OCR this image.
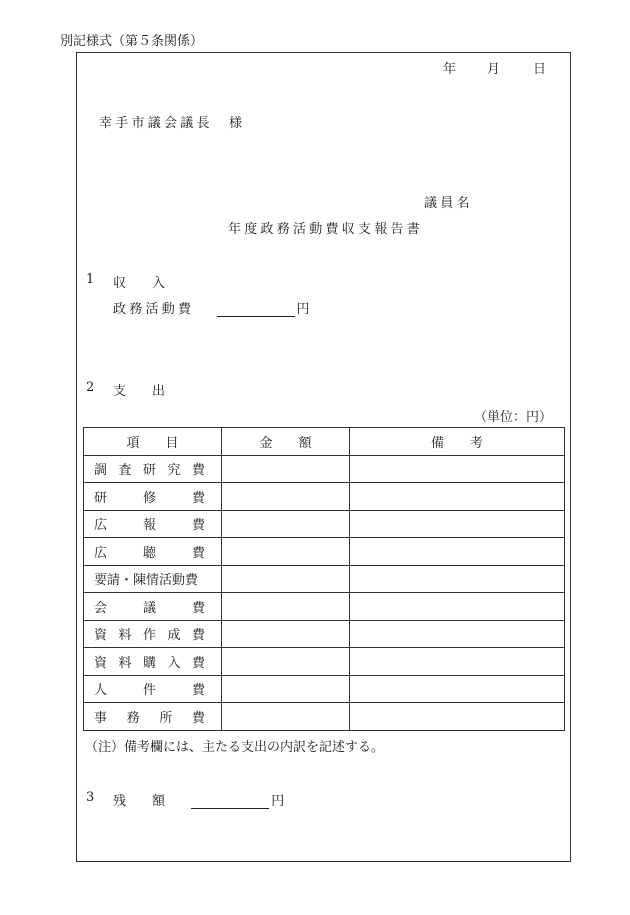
別記様式（第５条関係）
年 月	日
幸手市議会議長　様
議員名
年度政務活動費収支報告書
1 収　　入
政務活動費	円
2 支　　出
（単位：円）
項　　目	金　　額	備　　考

調 査 研 究 費		

研 修 費		

広 報 費		

広 聴 費		

要請・陳情活動費		

会 議 費		

資 料 作 成 費		

資 料 購 入 費		

人 件 費		

事 務 所 費		

（注）備考欄には、主たる支出の内訳を記述する。
3 残　　額	円
